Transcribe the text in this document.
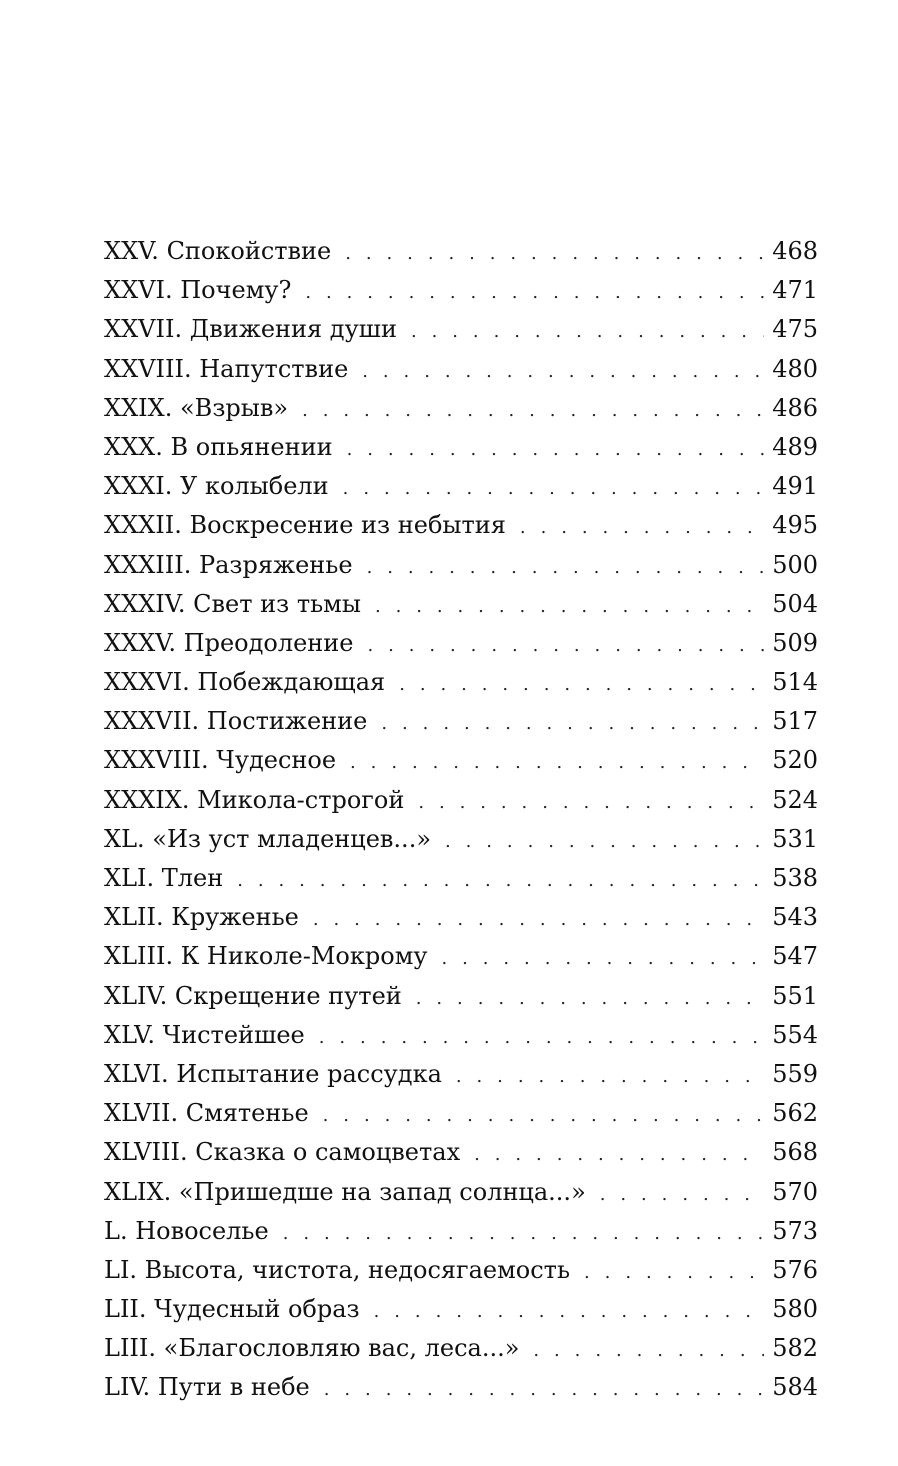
XXV. Спокойствие . . .	468
XXVI. Почему? . . .	471
XXVII. Движения души . . .	475
XXVIII. Напутствие . . .	480
XXIX. «Взрыв» . . .	486
XXX. В опьянении . . .	489
XXXI. У колыбели . . .	491
XXXII. Воскресение из небытия . . .	495
XXXIII. Разряженье . . .	500
XXXIV. Свет из тьмы . . .	504
XXXV. Преодоление . . .	509
XXXVI. Побеждающая . . .	514
XXXVII. Постижение . . .	517
XXXVIII. Чудесное . . .	520
XXXIX. Микола-строгой . . .	524
XL. «Из уст младенцев...» . . .	531
XLI. Тлен . . .	538
XLII. Круженье . . .	543
XLIII. К Николе-Мокрому . . .	547
XLIV. Скрещение путей . . .	551
XLV. Чистейшее . . .	554
XLVI. Испытание рассудка . . .	559
XLVII. Смятенье . . .	562
XLVIII. Сказка о самоцветах . . .	568
XLIX. «Пришедше на запад солнца...» . . .	570
L. Новоселье . . .	573
LI. Высота, чистота, недосягаемость . . .	576
LII. Чудесный образ . . .	580
LIII. «Благословляю вас, леса...» . . .	582
LIV. Пути в небе . . .	584
